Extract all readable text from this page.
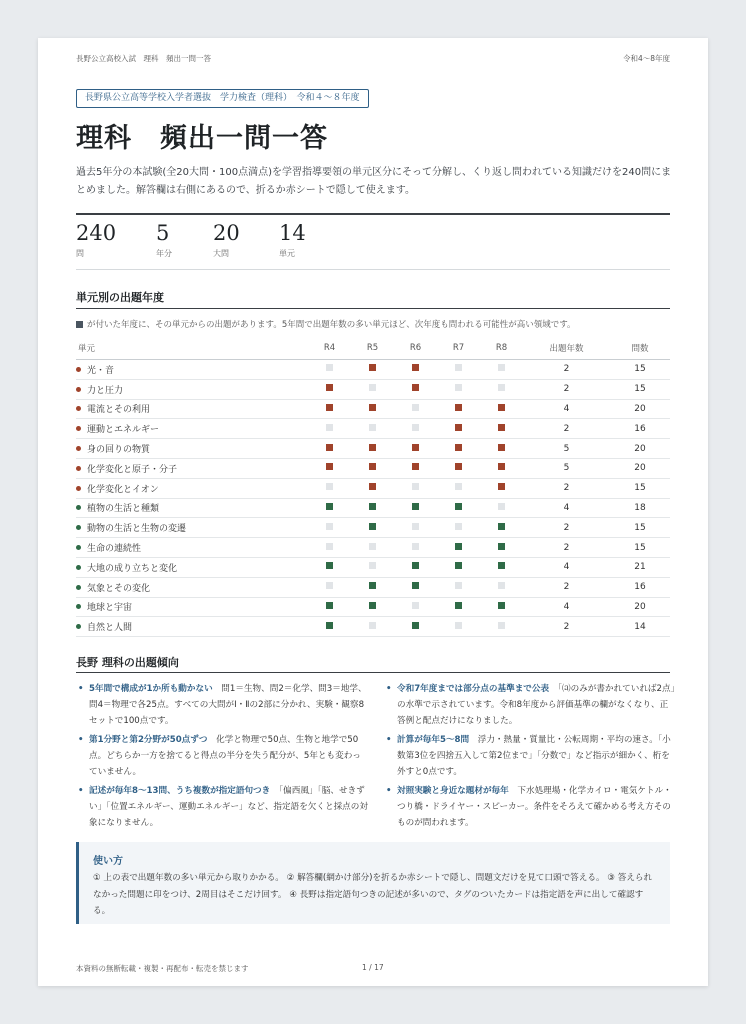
長野公立高校入試　理科　頻出一問一答	令和4～8年度
長野県公立高等学校入学者選抜　学力検査（理科）　令和４～８年度
理科　頻出一問一答
過去5年分の本試験(全20大問・100点満点)を学習指導要領の単元区分にそって分解し、くり返し問われている知識だけを240問にまとめました。解答欄は右側にあるので、折るか赤シートで隠して使えます。
240
問
5
年分
20
大問
14
単元
単元別の出題年度
が付いた年度に、その単元からの出題があります。5年間で出題年数の多い単元ほど、次年度も問われる可能性が高い領域です。
単元	R4	R5	R6	R7	R8	出題年数	問数
光・音						2	15
力と圧力						2	15
電流とその利用						4	20
運動とエネルギー						2	16
身の回りの物質						5	20
化学変化と原子・分子						5	20
化学変化とイオン						2	15
植物の生活と種類						4	18
動物の生活と生物の変遷						2	15
生命の連続性						2	15
大地の成り立ちと変化						4	21
気象とその変化						2	16
地球と宇宙						4	20
自然と人間						2	14
長野 理科の出題傾向
• 5年間で構成が1か所も動かない　 問1＝生物、問2＝化学、問3＝地学、問4＝物理で各25点。すべての大問がⅠ・Ⅱの2部に分かれ、実験・観察8セットで100点です。
• 第1分野と第2分野が50点ずつ　 化学と物理で50点、生物と地学で50点。どちらか一方を捨てると得点の半分を失う配分が、5年とも変わっていません。
• 記述が毎年8～13問、うち複数が指定語句つき　 「偏西風」「脳、せきずい」「位置エネルギー、運動エネルギー」など、指定語を欠くと採点の対象になりません。
• 令和7年度までは部分点の基準まで公表　 「⒜のみが書かれていれば2点」の水準で示されています。令和8年度から評価基準の欄がなくなり、正答例と配点だけになりました。
• 計算が毎年5～8問　 浮力・熱量・質量比・公転周期・平均の速さ。「小数第3位を四捨五入して第2位まで」「分数で」など指示が細かく、桁を外すと0点です。
• 対照実験と身近な題材が毎年　 下水処理場・化学カイロ・電気ケトル・つり橋・ドライヤー・スピーカー。条件をそろえて確かめる考え方そのものが問われます。
使い方
① 上の表で出題年数の多い単元から取りかかる。 ② 解答欄(網かけ部分)を折るか赤シートで隠し、問題文だけを見て口頭で答える。 ③ 答えられなかった問題に印をつけ、2周目はそこだけ回す。 ④ 長野は指定語句つきの記述が多いので、タグのついたカードは指定語を声に出して確認する。
本資料の無断転載・複製・再配布・転売を禁じます	1 / 17
